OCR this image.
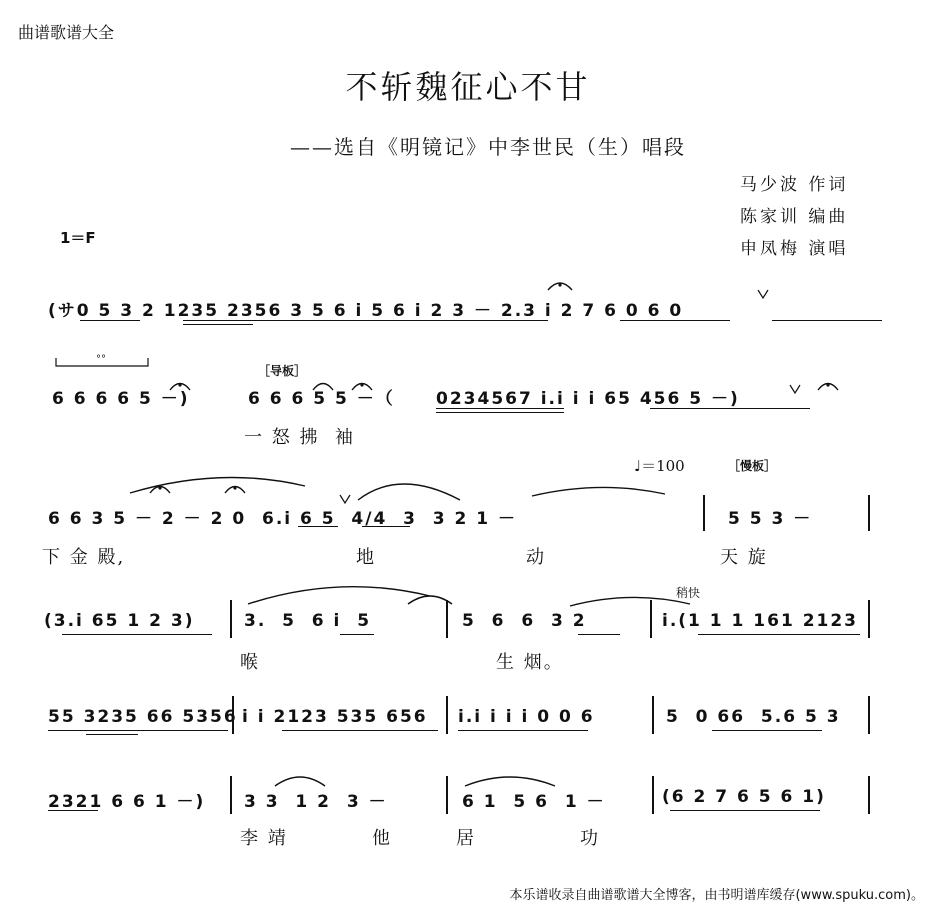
曲谱歌谱大全
不斩魏征心不甘
——选自《明镜记》中李世民（生）唱段
马少波 作词
陈家训 编曲
申凤梅 演唱
1＝F
°°
(サ0 5 3 2 1235 2356 3 5 6 i 5 6 i 2 3 － 2.3 i 2 7 6 0 6 0
［导板］
6 6 6 6 5 －)	6 6 6 5 5 －（ 0234567 i.i i i 65 456 5 －)
一 怒 拂  袖
♩＝100	［慢板］
6 6 3 5 － 2 － 2 0  6.i 6 5  4/4  3  3 2 1 －	5 5 3 －
下 金 殿,	地	动	天 旋
稍快
(3.i 65 1 2 3)	3.  5  6 i  5	5  6  6  3 2	i.(1 1 1 161 2123
喉	生 烟。
55 3235 66 5356 i i 2123 535 656 i.i i i i 0 0 6	5  0 66  5.6 5 3
2321 6 6 1 －) 3 3  1 2  3 －	6 1  5 6  1 －	(6 2 7 6 5 6 1)
李 靖	他	居	功
本乐谱收录自曲谱歌谱大全博客，由书明谱库缓存(www.spuku.com)。
